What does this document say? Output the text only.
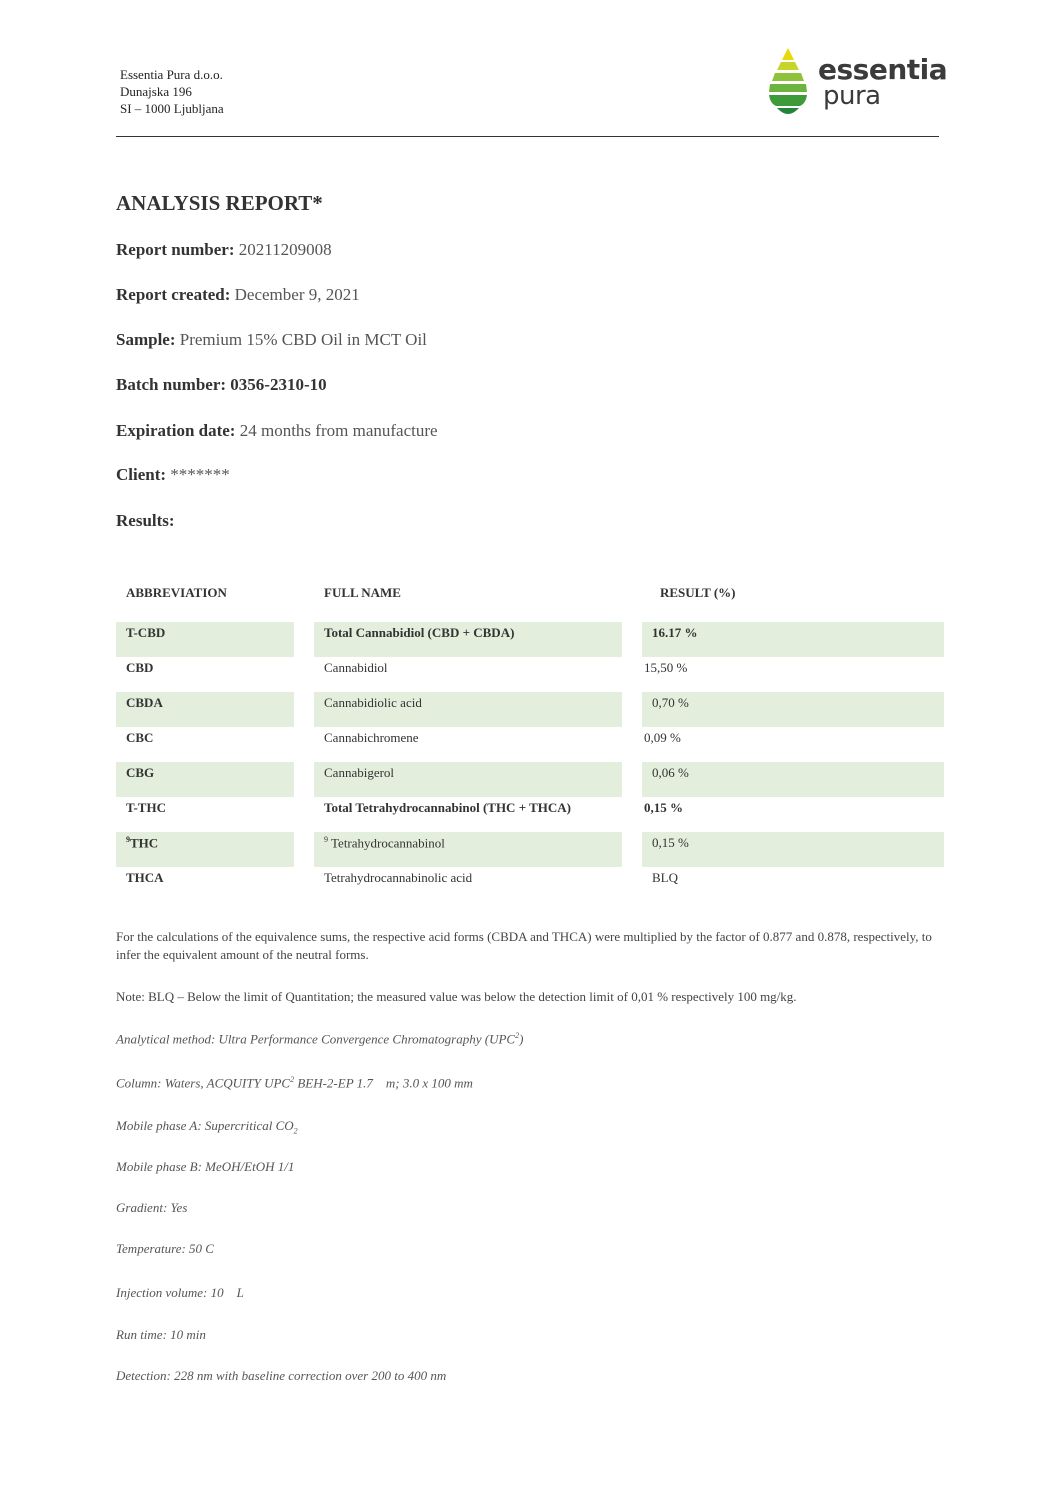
Essentia Pura d.o.o.
Dunajska 196
SI – 1000 Ljubljana
essentia
pura
ANALYSIS REPORT*
Report number: 20211209008
Report created: December 9, 2021
Sample: Premium 15% CBD Oil in MCT Oil
Batch number: 0356-2310-10
Expiration date: 24 months from manufacture
Client: *******
Results:
ABBREVIATION		FULL NAME		RESULT (%)

T-CBD		Total Cannabidiol (CBD + CBDA)		16.17 %
CBD		Cannabidiol		15,50 %
CBDA		Cannabidiolic acid		0,70 %
CBC		Cannabichromene		0,09 %
CBG		Cannabigerol		0,06 %
T-THC		Total Tetrahydrocannabinol (THC + THCA)		0,15 %
$^9$THC		$^9$ Tetrahydrocannabinol		0,15 %
THCA		Tetrahydrocannabinolic acid		BLQ
For the calculations of the equivalence sums, the respective acid forms (CBDA and THCA) were multiplied by the factor of 0.877 and 0.878, respectively, to infer the equivalent amount of the neutral forms.
Note: BLQ – Below the limit of Quantitation; the measured value was below the detection limit of 0,01 % respectively 100 mg/kg.
Analytical method: Ultra Performance Convergence Chromatography (UPC$^2$)
Column: Waters, ACQUITY UPC$^2$ BEH-2-EP 1.7    m; 3.0 x 100 mm
Mobile phase A: Supercritical $CO_2$
Mobile phase B: MeOH/EtOH 1/1
Gradient: Yes
Temperature: 50 C
Injection volume: 10    L
Run time: 10 min
Detection: 228 nm with baseline correction over 200 to 400 nm
